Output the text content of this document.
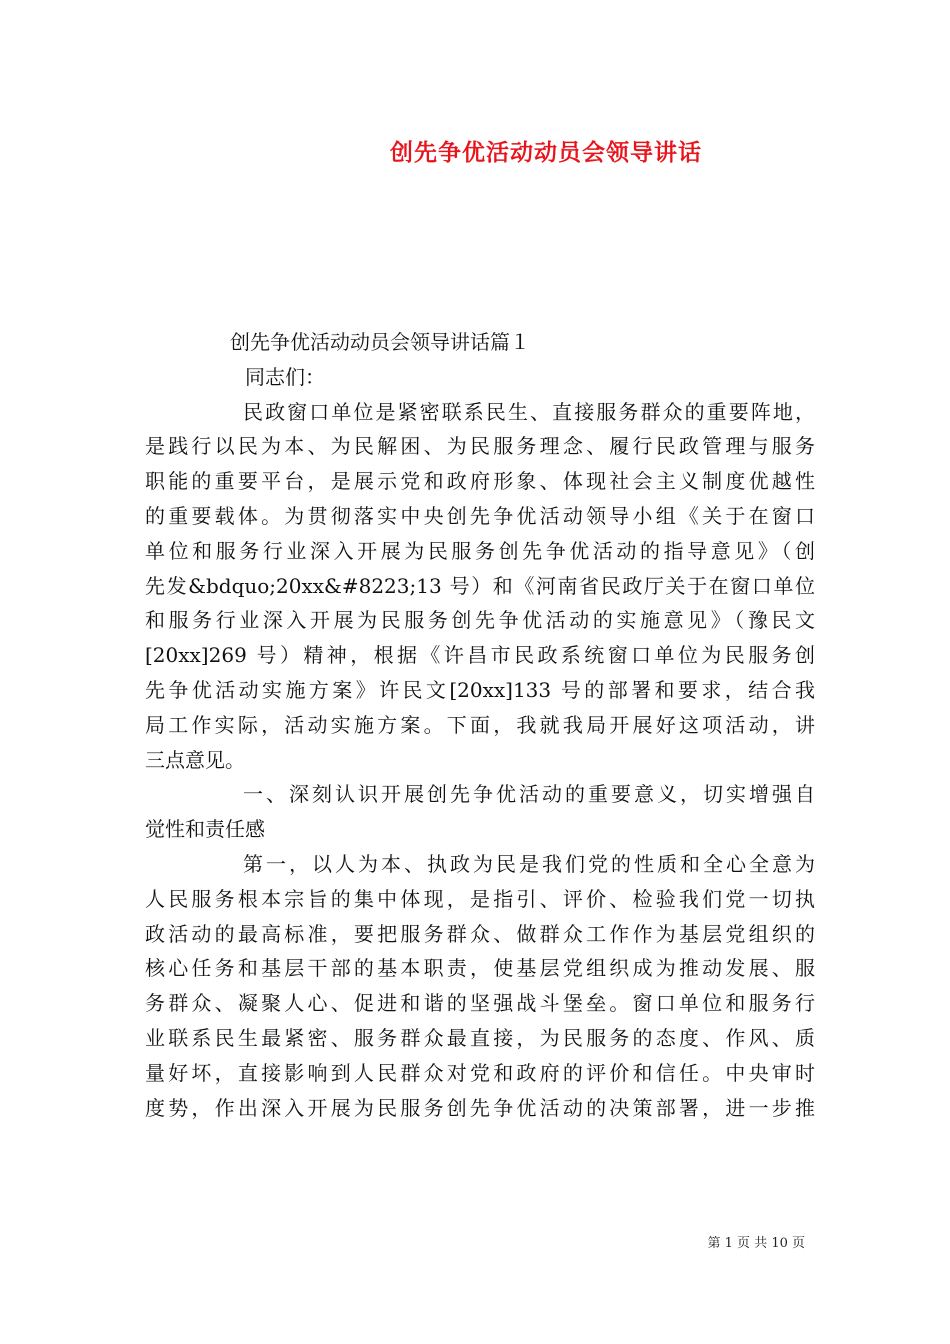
创先争优活动动员会领导讲话
创先争优活动动员会领导讲话篇１
同志们：
民政窗口单位是紧密联系民生、直接服务群众的重要阵地，
是践行以民为本、为民解困、为民服务理念、履行民政管理与服务
职能的重要平台，是展示党和政府形象、体现社会主义制度优越性
的重要载体。为贯彻落实中央创先争优活动领导小组《关于在窗口
单位和服务行业深入开展为民服务创先争优活动的指导意见》（创
先发&bdquo;20xx&#8223;13 号）和《河南省民政厅关于在窗口单位
和服务行业深入开展为民服务创先争优活动的实施意见》（豫民文
[20xx]269 号）精神，根据《许昌市民政系统窗口单位为民服务创
先争优活动实施方案》许民文[20xx]133 号的部署和要求，结合我
局工作实际，活动实施方案。下面，我就我局开展好这项活动，讲
三点意见。
一、深刻认识开展创先争优活动的重要意义，切实增强自
觉性和责任感
第一，以人为本、执政为民是我们党的性质和全心全意为
人民服务根本宗旨的集中体现，是指引、评价、检验我们党一切执
政活动的最高标准，要把服务群众、做群众工作作为基层党组织的
核心任务和基层干部的基本职责，使基层党组织成为推动发展、服
务群众、凝聚人心、促进和谐的坚强战斗堡垒。窗口单位和服务行
业联系民生最紧密、服务群众最直接，为民服务的态度、作风、质
量好坏，直接影响到人民群众对党和政府的评价和信任。中央审时
度势，作出深入开展为民服务创先争优活动的决策部署，进一步推
第 1 页 共 10 页
